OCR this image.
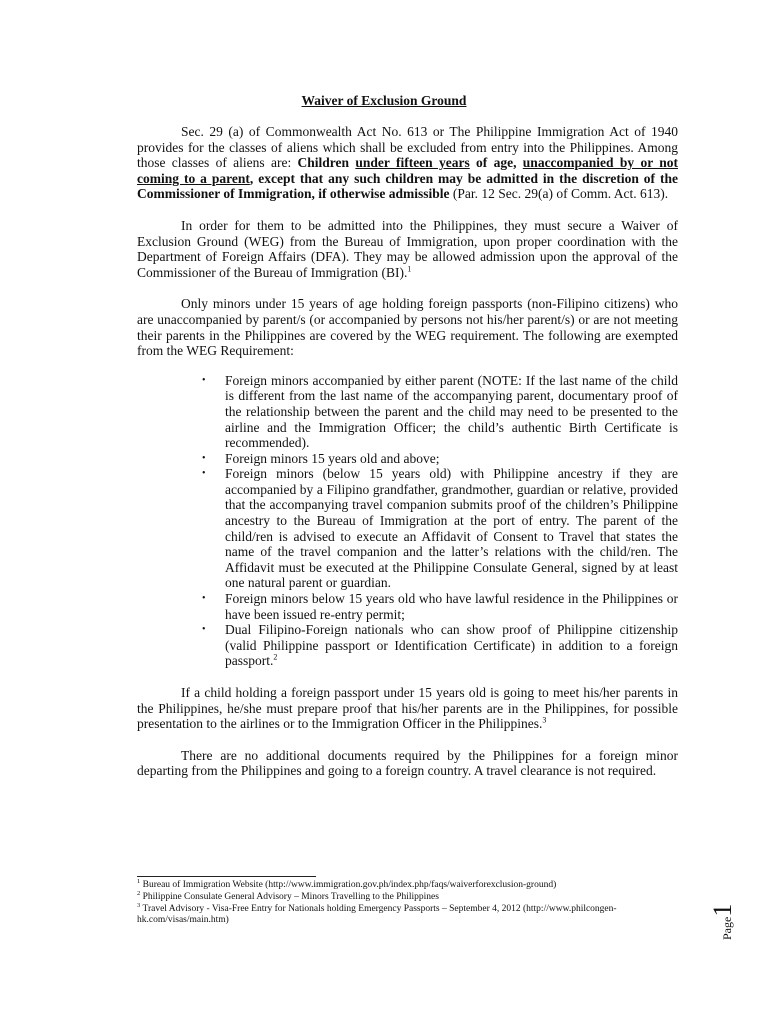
Waiver of Exclusion Ground

Sec. 29 (a) of Commonwealth Act No. 613 or The Philippine Immigration Act of 1940 provides for the classes of aliens which shall be excluded from entry into the Philippines. Among those classes of aliens are: Children under fifteen years of age, unaccompanied by or not coming to a parent, except that any such children may be admitted in the discretion of the Commissioner of Immigration, if otherwise admissible (Par. 12 Sec. 29(a) of Comm. Act. 613).

In order for them to be admitted into the Philippines, they must secure a Waiver of Exclusion Ground (WEG) from the Bureau of Immigration, upon proper coordination with the Department of Foreign Affairs (DFA). They may be allowed admission upon the approval of the Commissioner of the Bureau of Immigration (BI).$^1$

Only minors under 15 years of age holding foreign passports (non-Filipino citizens) who are unaccompanied by parent/s (or accompanied by persons not his/her parent/s) or are not meeting their parents in the Philippines are covered by the WEG requirement. The following are exempted from the WEG Requirement:

• Foreign minors accompanied by either parent (NOTE: If the last name of the child is different from the last name of the accompanying parent, documentary proof of the relationship between the parent and the child may need to be presented to the airline and the Immigration Officer; the child’s authentic Birth Certificate is recommended).
• Foreign minors 15 years old and above;
• Foreign minors (below 15 years old) with Philippine ancestry if they are accompanied by a Filipino grandfather, grandmother, guardian or relative, provided that the accompanying travel companion submits proof of the children’s Philippine ancestry to the Bureau of Immigration at the port of entry. The parent of the child/ren is advised to execute an Affidavit of Consent to Travel that states the name of the travel companion and the latter’s relations with the child/ren. The Affidavit must be executed at the Philippine Consulate General, signed by at least one natural parent or guardian.
• Foreign minors below 15 years old who have lawful residence in the Philippines or have been issued re-entry permit;
• Dual Filipino-Foreign nationals who can show proof of Philippine citizenship (valid Philippine passport or Identification Certificate) in addition to a foreign passport.$^2$

If a child holding a foreign passport under 15 years old is going to meet his/her parents in the Philippines, he/she must prepare proof that his/her parents are in the Philippines, for possible presentation to the airlines or to the Immigration Officer in the Philippines.$^3$

There are no additional documents required by the Philippines for a foreign minor departing from the Philippines and going to a foreign country. A travel clearance is not required.

$^1$ Bureau of Immigration Website (http://www.immigration.gov.ph/index.php/faqs/waiverforexclusion-ground)
$^2$ Philippine Consulate General Advisory – Minors Travelling to the Philippines
$^3$ Travel Advisory - Visa-Free Entry for Nationals holding Emergency Passports – September 4, 2012 (http://www.philcongen-hk.com/visas/main.htm)	Page1
